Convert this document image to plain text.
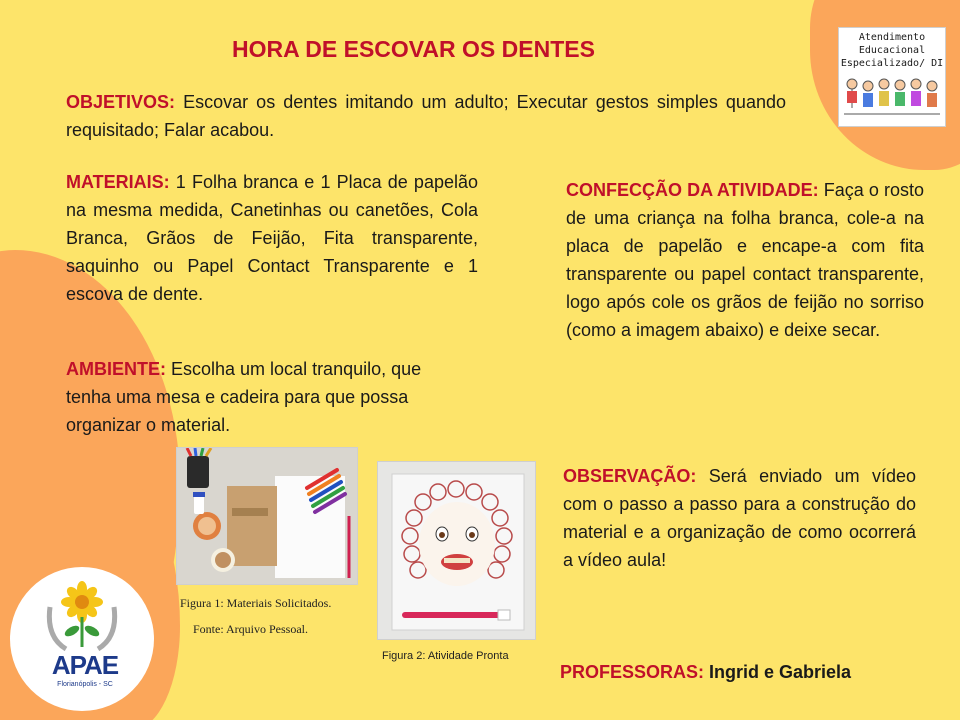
HORA DE ESCOVAR OS DENTES	Atendimento
Educacional
Especializado/ DI
OBJETIVOS: Escovar os dentes imitando um adulto; Executar gestos simples quando requisitado; Falar acabou.
MATERIAIS: 1 Folha branca e 1 Placa de papelão na mesma medida, Canetinhas ou canetões, Cola Branca, Grãos de Feijão, Fita transparente, saquinho ou Papel Contact Transparente e 1 escova de dente.
AMBIENTE: Escolha um local tranquilo, que tenha uma mesa e cadeira para que possa organizar o material.
CONFECÇÃO DA ATIVIDADE: Faça o rosto de uma criança na folha branca, cole-a na placa de papelão e encape-a com fita transparente ou papel contact transparente, logo após cole os grãos de feijão no sorriso (como a imagem abaixo) e deixe secar.
OBSERVAÇÃO: Será enviado um vídeo com o passo a passo para a construção do material e a organização de como ocorrerá a vídeo aula!
PROFESSORAS: Ingrid e Gabriela
Figura 1: Materiais Solicitados.
Fonte: Arquivo Pessoal.
Figura 2: Atividade Pronta
APAE
Florianópolis - SC
